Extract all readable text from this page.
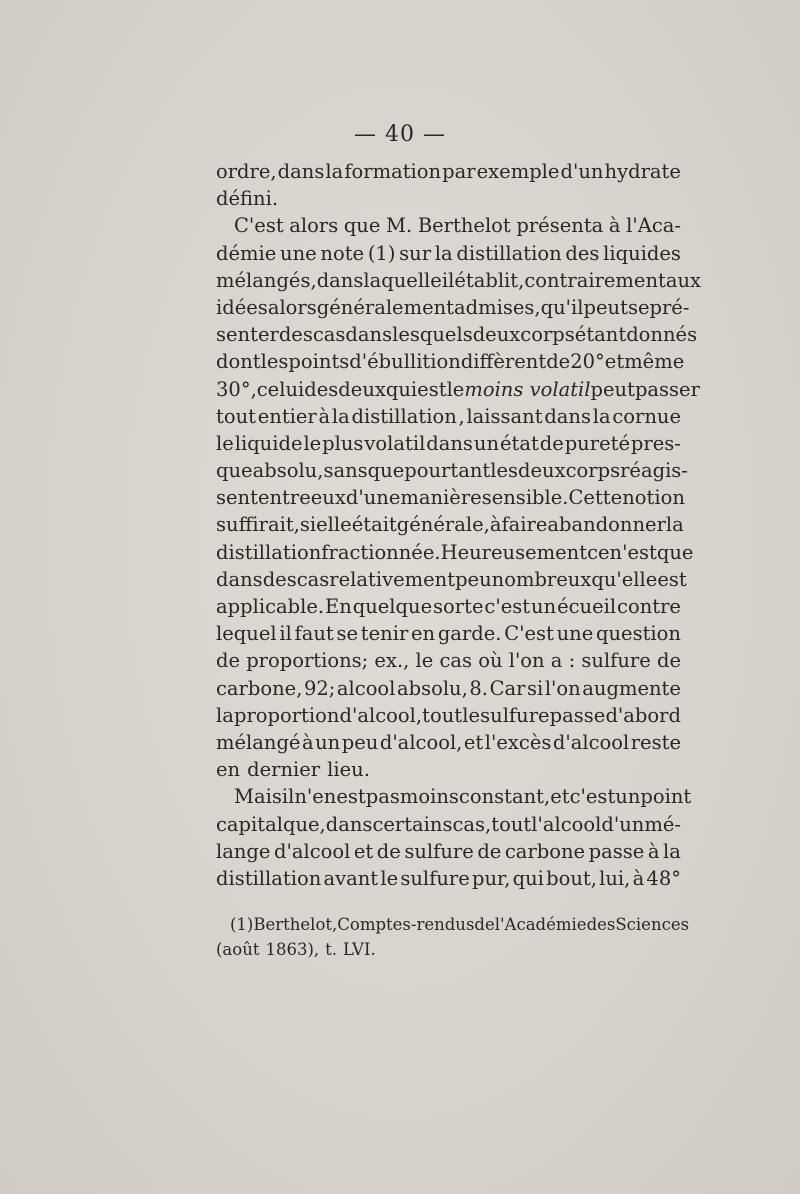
— 40 —
ordre, dans la formation par exemple d'un hydrate
défini.
C'est alors que M. Berthelot présenta à l'Aca-
démie une note (1) sur la distillation des liquides
mélangés, dans laquelle il établit, contrairement aux
idées alors généralement admises, qu'il peut se pré-
senter des cas dans lesquels deux corps étant donnés
dont les points d'ébullition diffèrent de 20° et même
30°, celui des deux qui est le moins volatil peut passer
tout entier à la distillation , laissant dans la cornue
le liquide le plus volatil dans un état de pureté pres-
que absolu, sans que pourtant les deux corps réagis-
sent entre eux d'une manière sensible. Cette notion
suffirait, si elle était générale, à faire abandonner la
distillation fractionnée. Heureusement ce n'est que
dans des cas relativement peu nombreux qu'elle est
applicable. En quelque sorte c'est un écueil contre
lequel il faut se tenir en garde. C'est une question
de proportions; ex., le cas où l'on a : sulfure de
carbone, 92; alcool absolu, 8. Car si l'on augmente
la proportion d'alcool, tout le sulfure passe d'abord
mélangé à un peu d'alcool, et l'excès d'alcool reste
en dernier lieu.
Mais il n'en est pas moins constant, et c'est un point
capital que, dans certains cas, tout l'alcool d'un mé-
lange d'alcool et de sulfure de carbone passe à la
distillation avant le sulfure pur, qui bout, lui, à 48°
(1) Berthelot, Comptes-rendus de l'Académie des Sciences
(août 1863), t. LVI.
